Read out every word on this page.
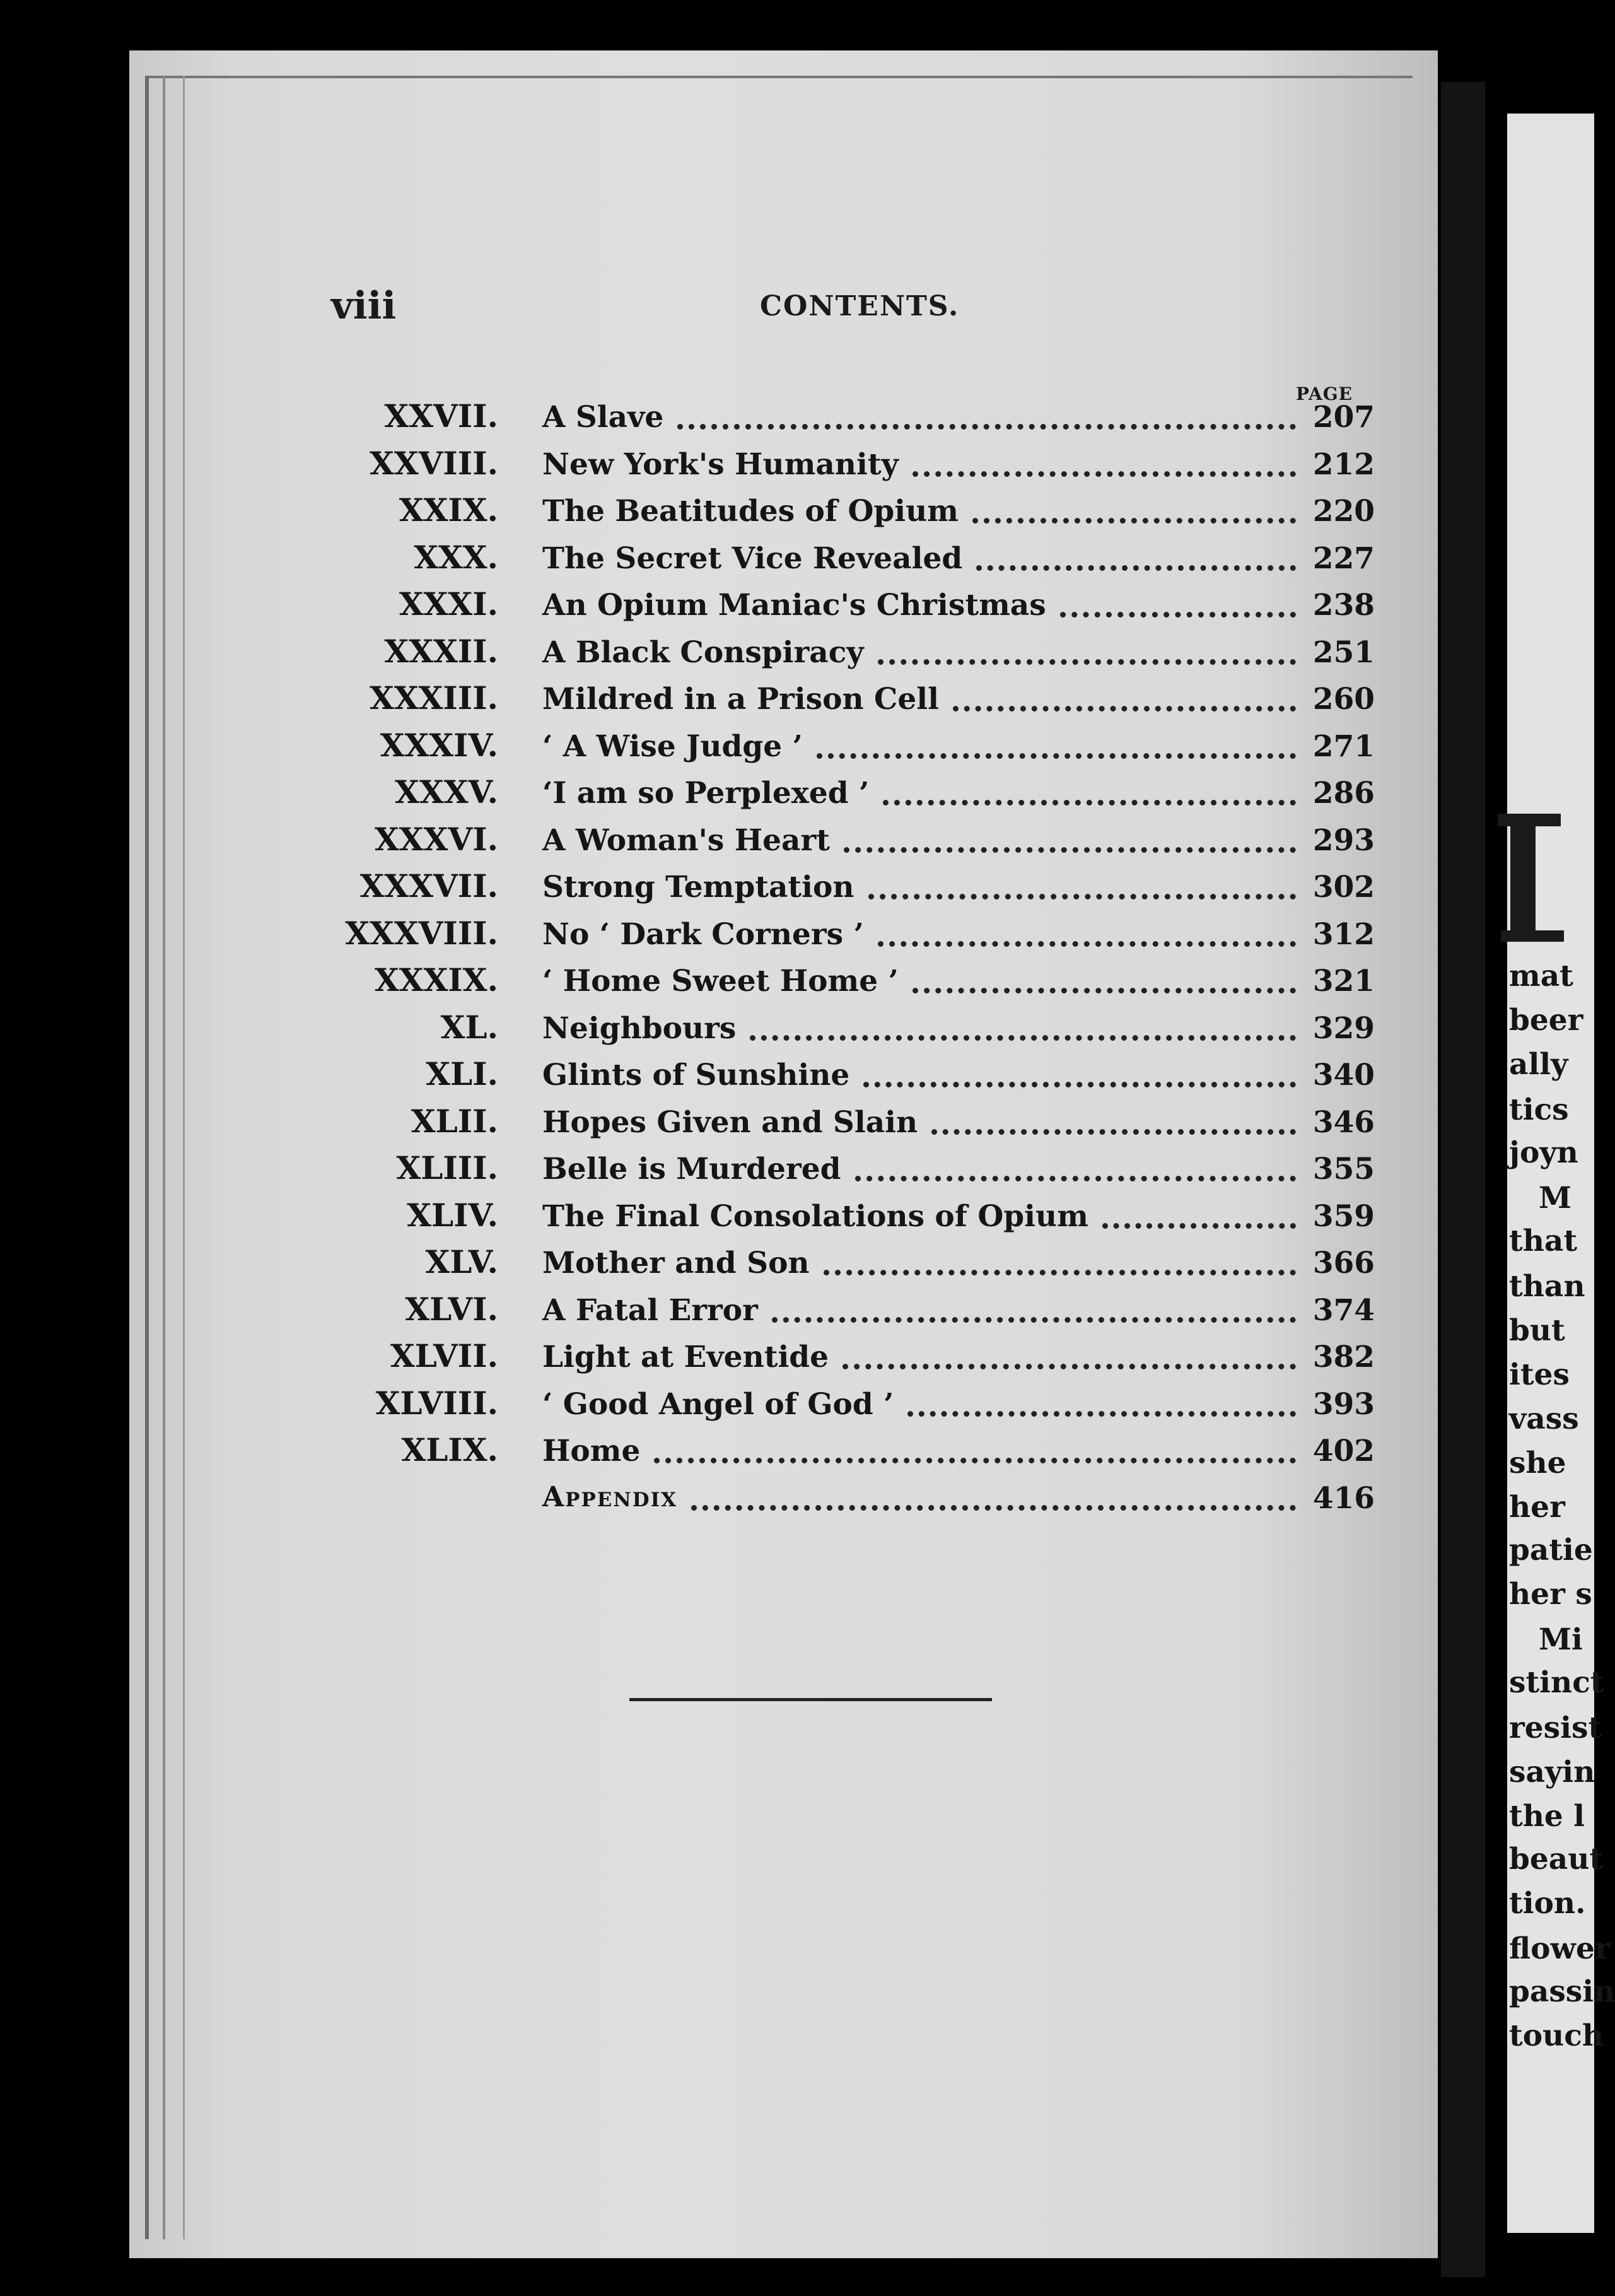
viii	CONTENTS.
PAGE
XXVII. A Slave	207
XXVIII. New York's Humanity	212
XXIX. The Beatitudes of Opium	220
XXX. The Secret Vice Revealed	227
XXXI. An Opium Maniac's Christmas	238
XXXII. A Black Conspiracy	251
XXXIII. Mildred in a Prison Cell	260
XXXIV. ‘ A Wise Judge ’	271
XXXV. ‘I am so Perplexed ’	286
XXXVI. A Woman's Heart	293
XXXVII. Strong Temptation	302
XXXVIII. No ‘ Dark Corners ’	312
XXXIX. ‘ Home Sweet Home ’	321
XL. Neighbours	329
XLI. Glints of Sunshine	340
XLII. Hopes Given and Slain	346
XLIII. Belle is Murdered	355
XLIV. The Final Consolations of Opium	359
XLV. Mother and Son	366
XLVI. A Fatal Error	374
XLVII. Light at Eventide	382
XLVIII. ‘ Good Angel of God ’	393
XLIX. Home	402
Appendix	416
mat
beer
ally
tics
joyn
M
that
than
but
ites
vass
she
her
patie
her s
Mi
stinct
resist
sayin
the l
beaut
tion.
flower
passin
touch
